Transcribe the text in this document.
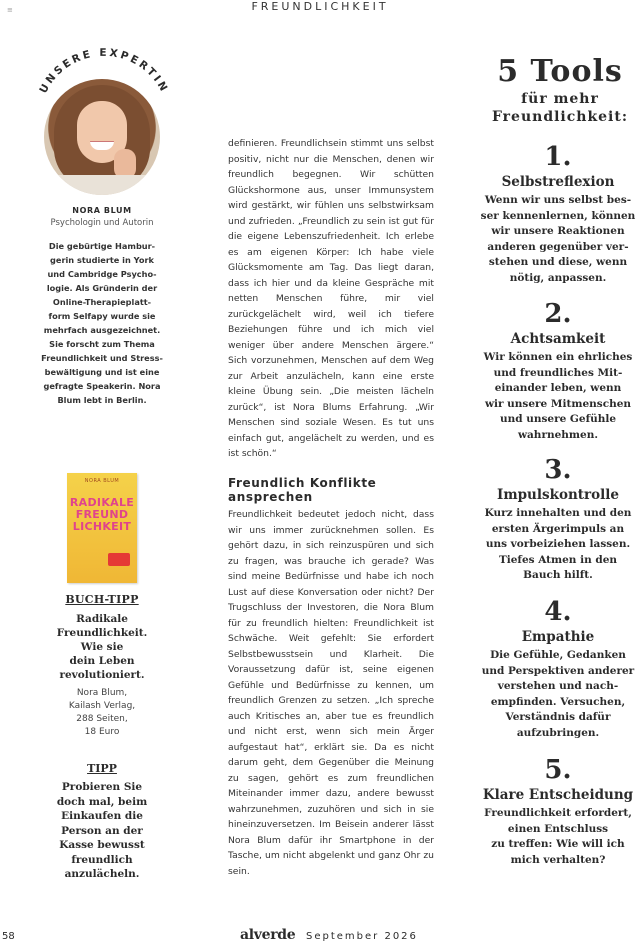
≡	FREUNDLICHKEIT
UNSERE EXPERTIN
NORA BLUM
Psychologin und Autorin
Die gebürtige Hambur-
gerin studierte in York
und Cambridge Psycho-
logie. Als Gründerin der
Online-Therapieplatt-
form Selfapy wurde sie
mehrfach ausgezeichnet.
Sie forscht zum Thema
Freundlichkeit und Stress-
bewältigung und ist eine
gefragte Speakerin. Nora
Blum lebt in Berlin.
NORA BLUM
RADIKALE
FREUND
LICHKEIT
BUCH-TIPP
Radikale
Freundlichkeit.
Wie sie
dein Leben
revolutioniert.
Nora Blum,
Kailash Verlag,
288 Seiten,
18 Euro
TIPP
Probieren Sie
doch mal, beim
Einkaufen die
Person an der
Kasse bewusst
freundlich
anzulächeln.
definieren. Freundlichsein stimmt uns selbst positiv, nicht nur die Menschen, denen wir freundlich begegnen. Wir schütten Glückshormone aus, unser Immunsystem wird gestärkt, wir fühlen uns selbstwirksam und zufrieden. „Freundlich zu sein ist gut für die eigene Lebenszufriedenheit. Ich erlebe es am eigenen Körper: Ich habe viele Glücksmomente am Tag. Das liegt daran, dass ich hier und da kleine Gespräche mit netten Menschen führe, mir viel zurückgelächelt wird, weil ich tiefere Beziehungen führe und ich mich viel weniger über andere Menschen ärgere.“ Sich vorzunehmen, Menschen auf dem Weg zur Arbeit anzulächeln, kann eine erste kleine Übung sein. „Die meisten lächeln zurück“, ist Nora Blums Erfahrung. „Wir Menschen sind soziale Wesen. Es tut uns einfach gut, angelächelt zu werden, und es ist schön.“
Freundlich Konflikte ansprechen
Freundlichkeit bedeutet jedoch nicht, dass wir uns immer zurücknehmen sollen. Es gehört dazu, in sich reinzuspüren und sich zu fragen, was brauche ich gerade? Was sind meine Bedürfnisse und habe ich noch Lust auf diese Konversation oder nicht? Der Trugschluss der Investoren, die Nora Blum für zu freundlich hielten: Freundlichkeit ist Schwäche. Weit gefehlt: Sie erfordert Selbstbewusstsein und Klarheit. Die Voraussetzung dafür ist, seine eigenen Gefühle und Bedürfnisse zu kennen, um freundlich Grenzen zu setzen. „Ich spreche auch Kritisches an, aber tue es freundlich und nicht erst, wenn sich mein Ärger aufgestaut hat“, erklärt sie. Da es nicht darum geht, dem Gegenüber die Meinung zu sagen, gehört es zum freundlichen Miteinander immer dazu, andere bewusst wahrzunehmen, zuzuhören und sich in sie hineinzuversetzen. Im Beisein anderer lässt Nora Blum dafür ihr Smartphone in der Tasche, um nicht abgelenkt und ganz Ohr zu sein.
5 Tools
für mehr
Freundlichkeit:
1.
Selbstreflexion
Wenn wir uns selbst bes-
ser kennenlernen, können
wir unsere Reaktionen
anderen gegenüber ver-
stehen und diese, wenn
nötig, anpassen.
2.
Achtsamkeit
Wir können ein ehrliches
und freundliches Mit-
einander leben, wenn
wir unsere Mitmenschen
und unsere Gefühle
wahrnehmen.
3.
Impulskontrolle
Kurz innehalten und den
ersten Ärgerimpuls an
uns vorbeiziehen lassen.
Tiefes Atmen in den
Bauch hilft.
4.
Empathie
Die Gefühle, Gedanken
und Perspektiven anderer
verstehen und nach-
empfinden. Versuchen,
Verständnis dafür
aufzubringen.
5.
Klare Entscheidung
Freundlichkeit erfordert,
einen Entschluss
zu treffen: Wie will ich
mich verhalten?
58	alverde September 2026
